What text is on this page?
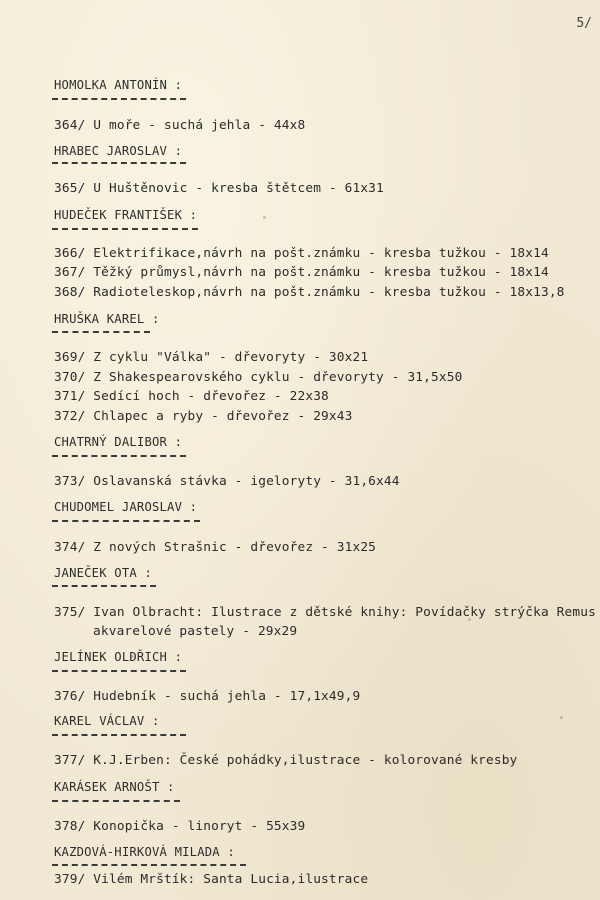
5/
HOMOLKA ANTONÍN :
364/ U moře - suchá jehla - 44x8
HRABEC JAROSLAV :
365/ U Huštěnovic - kresba štětcem - 61x31
HUDEČEK FRANTIŠEK :
366/ Elektrifikace,návrh na pošt.známku - kresba tužkou - 18x14
367/ Těžký průmysl,návrh na pošt.známku - kresba tužkou - 18x14
368/ Radioteleskop,návrh na pošt.známku - kresba tužkou - 18x13,8
HRUŠKA KAREL :
369/ Z cyklu "Válka" - dřevoryty - 30x21
370/ Z Shakespearovského cyklu - dřevoryty - 31,5x50
371/ Sedící hoch - dřevořez - 22x38
372/ Chlapec a ryby - dřevořez - 29x43
CHATRNÝ DALIBOR :
373/ Oslavanská stávka - igeloryty - 31,6x44
CHUDOMEL JAROSLAV :
374/ Z nových Strašnic - dřevořez - 31x25
JANEČEK OTA :
375/ Ivan Olbracht: Ilustrace z dětské knihy: Povídačky strýčka Remus
akvarelové pastely - 29x29
JELÍNEK OLDŘICH :
376/ Hudebník - suchá jehla - 17,1x49,9
KAREL VÁCLAV :
377/ K.J.Erben: České pohádky,ilustrace - kolorované kresby
KARÁSEK ARNOŠT :
378/ Konopička - linoryt - 55x39
KAZDOVÁ-HIRKOVÁ MILADA :
379/ Vilém Mrštík: Santa Lucia,ilustrace
